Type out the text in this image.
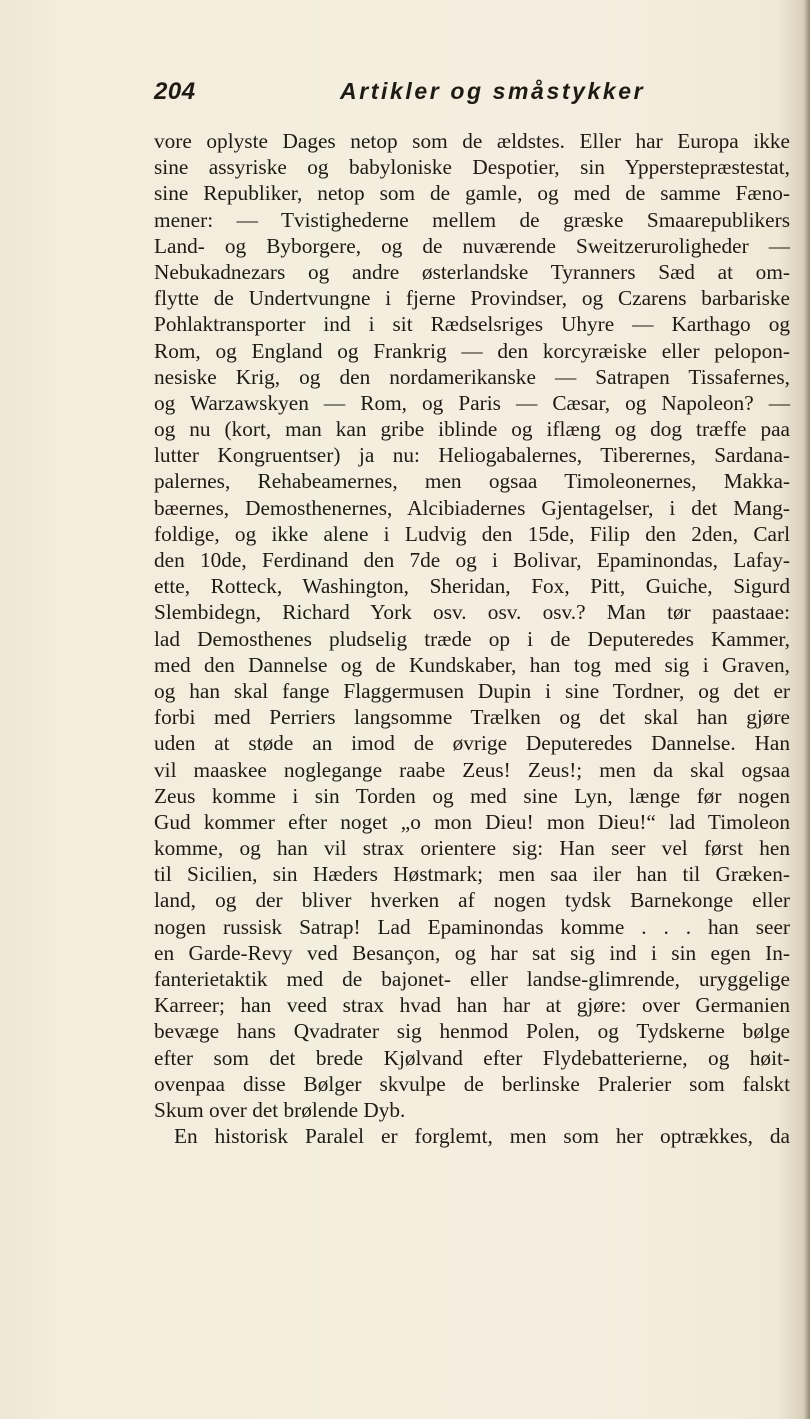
204	Artikler og småstykker
vore oplyste Dages netop som de ældstes. Eller har Europa ikke
sine assyriske og babyloniske Despotier, sin Ypperstepræstestat,
sine Republiker, netop som de gamle, og med de samme Fæno-
mener: — Tvistighederne mellem de græske Smaarepublikers
Land- og Byborgere, og de nuværende Sweitzeruroligheder —
Nebukadnezars og andre østerlandske Tyranners Sæd at om-
flytte de Undertvungne i fjerne Provindser, og Czarens barbariske
Pohlaktransporter ind i sit Rædselsriges Uhyre — Karthago og
Rom, og England og Frankrig — den korcyræiske eller pelopon-
nesiske Krig, og den nordamerikanske — Satrapen Tissafernes,
og Warzawskyen — Rom, og Paris — Cæsar, og Napoleon? —
og nu (kort, man kan gribe iblinde og iflæng og dog træffe paa
lutter Kongruentser) ja nu: Heliogabalernes, Tiberernes, Sardana-
palernes, Rehabeamernes, men ogsaa Timoleonernes, Makka-
bæernes, Demosthenernes, Alcibiadernes Gjentagelser, i det Mang-
foldige, og ikke alene i Ludvig den 15de, Filip den 2den, Carl
den 10de, Ferdinand den 7de og i Bolivar, Epaminondas, Lafay-
ette, Rotteck, Washington, Sheridan, Fox, Pitt, Guiche, Sigurd
Slembidegn, Richard York osv. osv. osv.? Man tør paastaae:
lad Demosthenes pludselig træde op i de Deputeredes Kammer,
med den Dannelse og de Kundskaber, han tog med sig i Graven,
og han skal fange Flaggermusen Dupin i sine Tordner, og det er
forbi med Perriers langsomme Trælken og det skal han gjøre
uden at støde an imod de øvrige Deputeredes Dannelse. Han
vil maaskee noglegange raabe Zeus! Zeus!; men da skal ogsaa
Zeus komme i sin Torden og med sine Lyn, længe før nogen
Gud kommer efter noget „o mon Dieu! mon Dieu!“ lad Timoleon
komme, og han vil strax orientere sig: Han seer vel først hen
til Sicilien, sin Hæders Høstmark; men saa iler han til Græken-
land, og der bliver hverken af nogen tydsk Barnekonge eller
nogen russisk Satrap! Lad Epaminondas komme . . . han seer
en Garde-Revy ved Besançon, og har sat sig ind i sin egen In-
fanterietaktik med de bajonet- eller landse-glimrende, uryggelige
Karreer; han veed strax hvad han har at gjøre: over Germanien
bevæge hans Qvadrater sig henmod Polen, og Tydskerne bølge
efter som det brede Kjølvand efter Flydebatterierne, og høit-
ovenpaa disse Bølger skvulpe de berlinske Pralerier som falskt
Skum over det brølende Dyb.
En historisk Paralel er forglemt, men som her optrækkes, da
